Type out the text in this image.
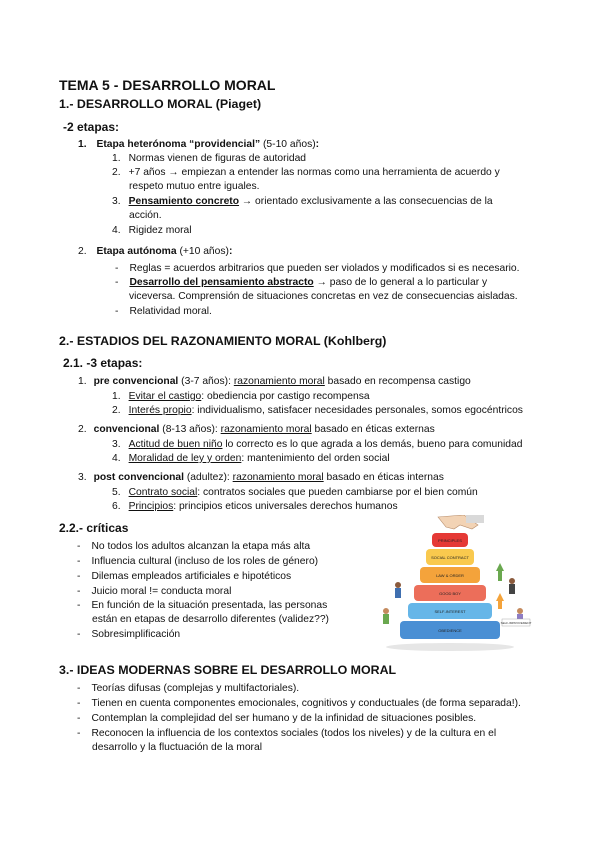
TEMA 5 - DESARROLLO MORAL
1.- DESARROLLO MORAL (Piaget)
-2 etapas:
1. Etapa heterónoma “providencial” (5-10 años):
1. Normas vienen de figuras de autoridad
2. +7 años → empiezan a entender las normas como una herramienta de acuerdo y
respeto mutuo entre iguales.
3. Pensamiento concreto → orientado exclusivamente a las consecuencias de la
acción.
4. Rigidez moral
2. Etapa autónoma (+10 años):
- Reglas = acuerdos arbitrarios que pueden ser violados y modificados si es necesario.
- Desarrollo del pensamiento abstracto → paso de lo general a lo particular y
viceversa. Comprensión de situaciones concretas en vez de consecuencias aisladas.
- Relatividad moral.
2.- ESTADIOS DEL RAZONAMIENTO MORAL (Kohlberg)
2.1. -3 etapas:
1. pre convencional (3-7 años): razonamiento moral basado en recompensa castigo
1. Evitar el castigo: obediencia por castigo recompensa
2. Interés propio: individualismo, satisfacer necesidades personales, somos egocéntricos
2. convencional (8-13 años): razonamiento moral basado en éticas externas
3. Actitud de buen niño lo correcto es lo que agrada a los demás, bueno para comunidad
4. Moralidad de ley y orden: mantenimiento del orden social
3. post convencional (adultez): razonamiento moral basado en éticas internas
5. Contrato social: contratos sociales que pueden cambiarse por el bien común
6. Principios: principios eticos universales derechos humanos
2.2.- críticas
- No todos los adultos alcanzan la etapa más alta
- Influencia cultural (incluso de los roles de género)
- Dilemas empleados artificiales e hipotéticos
- Juicio moral != conducta moral
- En función de la situación presentada, las personas
están en etapas de desarrollo diferentes (validez??)
- Sobresimplificación
PRINCIPLES
SOCIAL CONTRACT
LAW & ORDER
GOOD BOY
SELF-INTEREST
OBEDIENCE
SELF-IMPROVEMENT
3.- IDEAS MODERNAS SOBRE EL DESARROLLO MORAL
- Teorías difusas (complejas y multifactoriales).
- Tienen en cuenta componentes emocionales, cognitivos y conductuales (de forma separada!).
- Contemplan la complejidad del ser humano y de la infinidad de situaciones posibles.
- Reconocen la influencia de los contextos sociales (todos los niveles) y de la cultura en el
desarrollo y la fluctuación de la moral
